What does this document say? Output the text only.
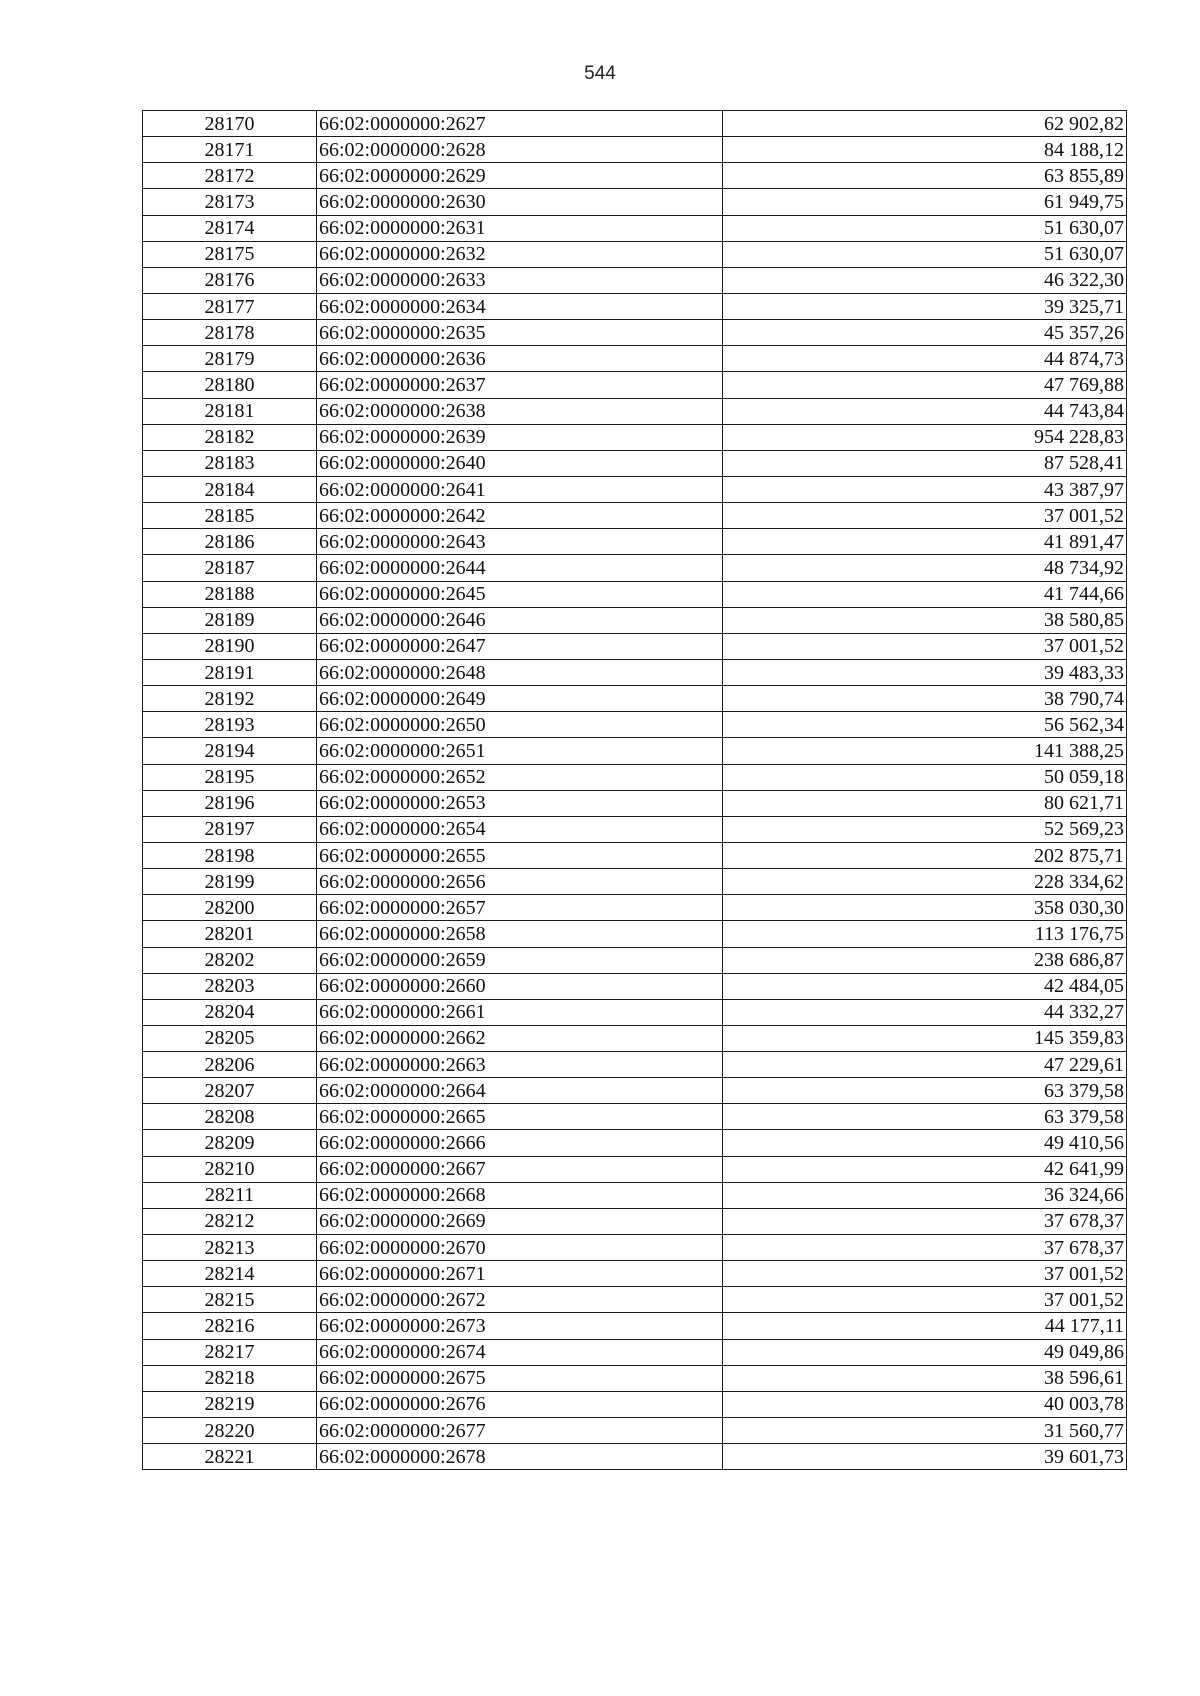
544
28170	66:02:0000000:2627	62 902,82
28171	66:02:0000000:2628	84 188,12
28172	66:02:0000000:2629	63 855,89
28173	66:02:0000000:2630	61 949,75
28174	66:02:0000000:2631	51 630,07
28175	66:02:0000000:2632	51 630,07
28176	66:02:0000000:2633	46 322,30
28177	66:02:0000000:2634	39 325,71
28178	66:02:0000000:2635	45 357,26
28179	66:02:0000000:2636	44 874,73
28180	66:02:0000000:2637	47 769,88
28181	66:02:0000000:2638	44 743,84
28182	66:02:0000000:2639	954 228,83
28183	66:02:0000000:2640	87 528,41
28184	66:02:0000000:2641	43 387,97
28185	66:02:0000000:2642	37 001,52
28186	66:02:0000000:2643	41 891,47
28187	66:02:0000000:2644	48 734,92
28188	66:02:0000000:2645	41 744,66
28189	66:02:0000000:2646	38 580,85
28190	66:02:0000000:2647	37 001,52
28191	66:02:0000000:2648	39 483,33
28192	66:02:0000000:2649	38 790,74
28193	66:02:0000000:2650	56 562,34
28194	66:02:0000000:2651	141 388,25
28195	66:02:0000000:2652	50 059,18
28196	66:02:0000000:2653	80 621,71
28197	66:02:0000000:2654	52 569,23
28198	66:02:0000000:2655	202 875,71
28199	66:02:0000000:2656	228 334,62
28200	66:02:0000000:2657	358 030,30
28201	66:02:0000000:2658	113 176,75
28202	66:02:0000000:2659	238 686,87
28203	66:02:0000000:2660	42 484,05
28204	66:02:0000000:2661	44 332,27
28205	66:02:0000000:2662	145 359,83
28206	66:02:0000000:2663	47 229,61
28207	66:02:0000000:2664	63 379,58
28208	66:02:0000000:2665	63 379,58
28209	66:02:0000000:2666	49 410,56
28210	66:02:0000000:2667	42 641,99
28211	66:02:0000000:2668	36 324,66
28212	66:02:0000000:2669	37 678,37
28213	66:02:0000000:2670	37 678,37
28214	66:02:0000000:2671	37 001,52
28215	66:02:0000000:2672	37 001,52
28216	66:02:0000000:2673	44 177,11
28217	66:02:0000000:2674	49 049,86
28218	66:02:0000000:2675	38 596,61
28219	66:02:0000000:2676	40 003,78
28220	66:02:0000000:2677	31 560,77
28221	66:02:0000000:2678	39 601,73
